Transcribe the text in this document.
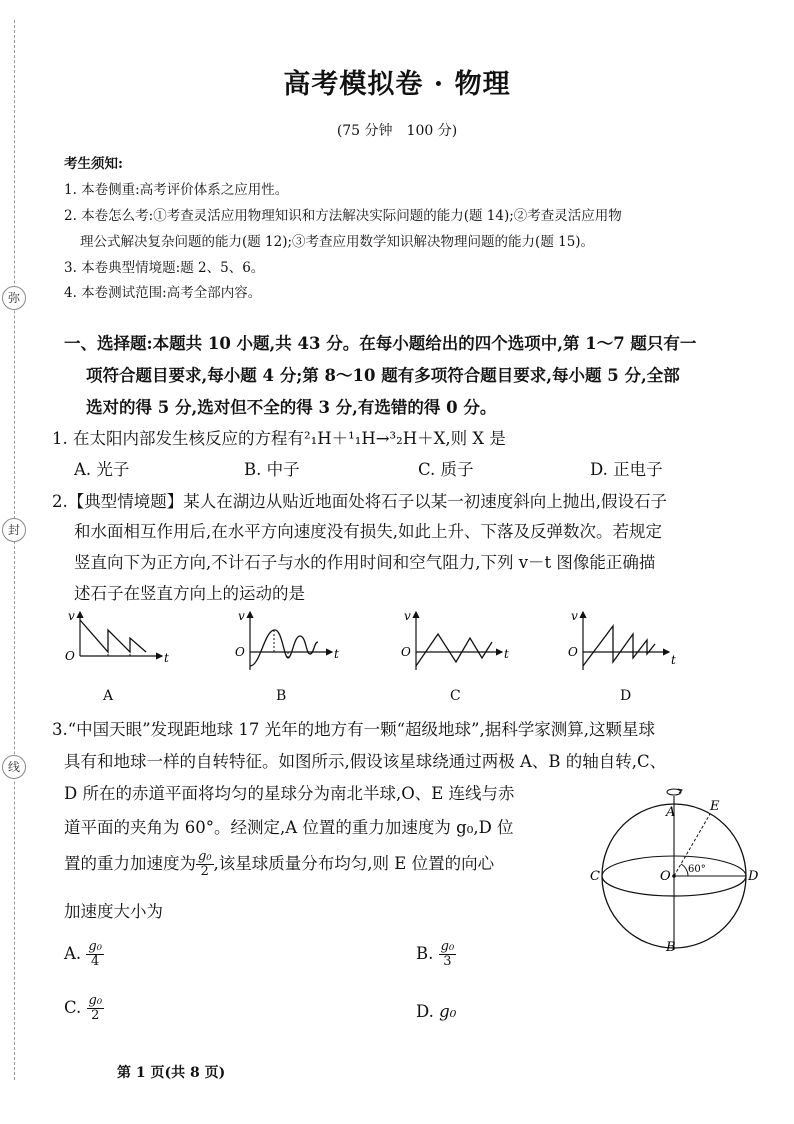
弥
封
线
高考模拟卷 · 物理
(75 分钟　100 分)
考生须知:
1. 本卷侧重:高考评价体系之应用性。
2. 本卷怎么考:①考查灵活应用物理知识和方法解决实际问题的能力(题 14);②考查灵活应用物
理公式解决复杂问题的能力(题 12);③考查应用数学知识解决物理问题的能力(题 15)。
3. 本卷典型情境题:题 2、5、6。
4. 本卷测试范围:高考全部内容。
一、选择题:本题共 10 小题,共 43 分。在每小题给出的四个选项中,第 1～7 题只有一
项符合题目要求,每小题 4 分;第 8～10 题有多项符合题目要求,每小题 5 分,全部
选对的得 5 分,选对但不全的得 3 分,有选错的得 0 分。
1. 在太阳内部发生核反应的方程有²₁H＋¹₁H→³₂H＋X,则 X 是
A. 光子	B. 中子	C. 质子	D. 正电子
2.【典型情境题】某人在湖边从贴近地面处将石子以某一初速度斜向上抛出,假设石子
和水面相互作用后,在水平方向速度没有损失,如此上升、下落及反弹数次。若规定
竖直向下为正方向,不计石子与水的作用时间和空气阻力,下列 v－t 图像能正确描
述石子在竖直方向上的运动的是
v
O	t
A
v
O	t
B
v
O	t
C
v
O
t
D
3.“中国天眼”发现距地球 17 光年的地方有一颗“超级地球”,据科学家测算,这颗星球
具有和地球一样的自转特征。如图所示,假设该星球绕通过两极 A、B 的轴自转,C、
D 所在的赤道平面将均匀的星球分为南北半球,O、E 连线与赤
道平面的夹角为 60°。经测定,A 位置的重力加速度为 g₀,D 位
置的重力加速度为 $\frac{\text{g₀}}{2}$ ,该星球质量分布均匀,则 E 位置的向心
加速度大小为
A. $\frac{\text{g₀}}{4}$	B. $\frac{\text{g₀}}{3}$
C. $\frac{\text{g₀}}{2}$	D. g₀
A
B
C	D
O
E
60°
第 1 页(共 8 页)
